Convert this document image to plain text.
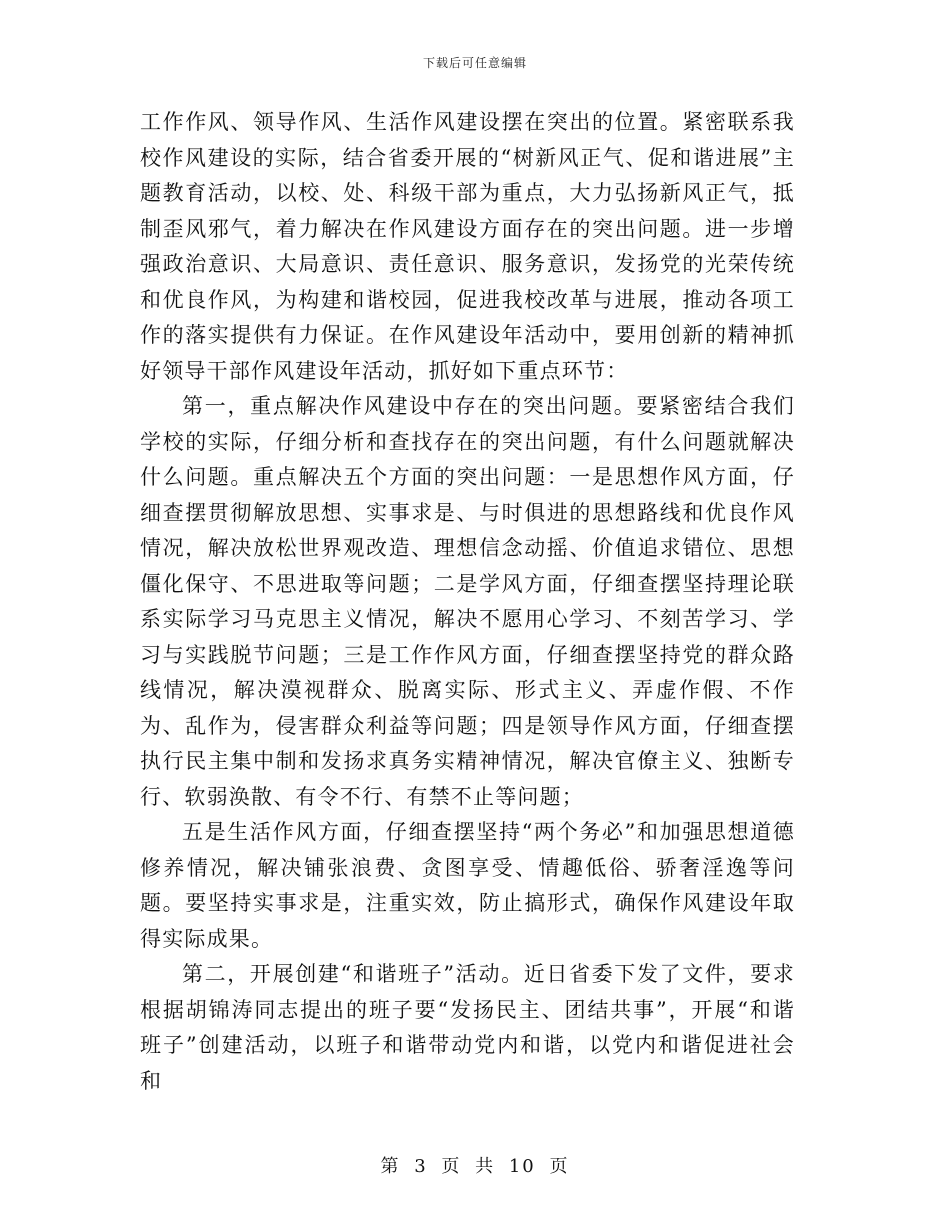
下载后可任意编辑

工作作风、领导作风、生活作风建设摆在突出的位置。紧密联系我校作风建设的实际，结合省委开展的“树新风正气、促和谐进展”主题教育活动，以校、处、科级干部为重点，大力弘扬新风正气，抵制歪风邪气，着力解决在作风建设方面存在的突出问题。进一步增强政治意识、大局意识、责任意识、服务意识，发扬党的光荣传统和优良作风，为构建和谐校园，促进我校改革与进展，推动各项工作的落实提供有力保证。在作风建设年活动中，要用创新的精神抓好领导干部作风建设年活动，抓好如下重点环节：

第一，重点解决作风建设中存在的突出问题。要紧密结合我们学校的实际，仔细分析和查找存在的突出问题，有什么问题就解决什么问题。重点解决五个方面的突出问题：一是思想作风方面，仔细查摆贯彻解放思想、实事求是、与时俱进的思想路线和优良作风情况，解决放松世界观改造、理想信念动摇、价值追求错位、思想僵化保守、不思进取等问题；二是学风方面，仔细查摆坚持理论联系实际学习马克思主义情况，解决不愿用心学习、不刻苦学习、学习与实践脱节问题；三是工作作风方面，仔细查摆坚持党的群众路线情况，解决漠视群众、脱离实际、形式主义、弄虚作假、不作为、乱作为，侵害群众利益等问题；四是领导作风方面，仔细查摆执行民主集中制和发扬求真务实精神情况，解决官僚主义、独断专行、软弱涣散、有令不行、有禁不止等问题；

五是生活作风方面，仔细查摆坚持“两个务必”和加强思想道德修养情况，解决铺张浪费、贪图享受、情趣低俗、骄奢淫逸等问题。要坚持实事求是，注重实效，防止搞形式，确保作风建设年取得实际成果。

第二，开展创建“和谐班子”活动。近日省委下发了文件，要求根据胡锦涛同志提出的班子要“发扬民主、团结共事”，开展“和谐班子”创建活动，以班子和谐带动党内和谐，以党内和谐促进社会和

第 3 页 共 10 页
